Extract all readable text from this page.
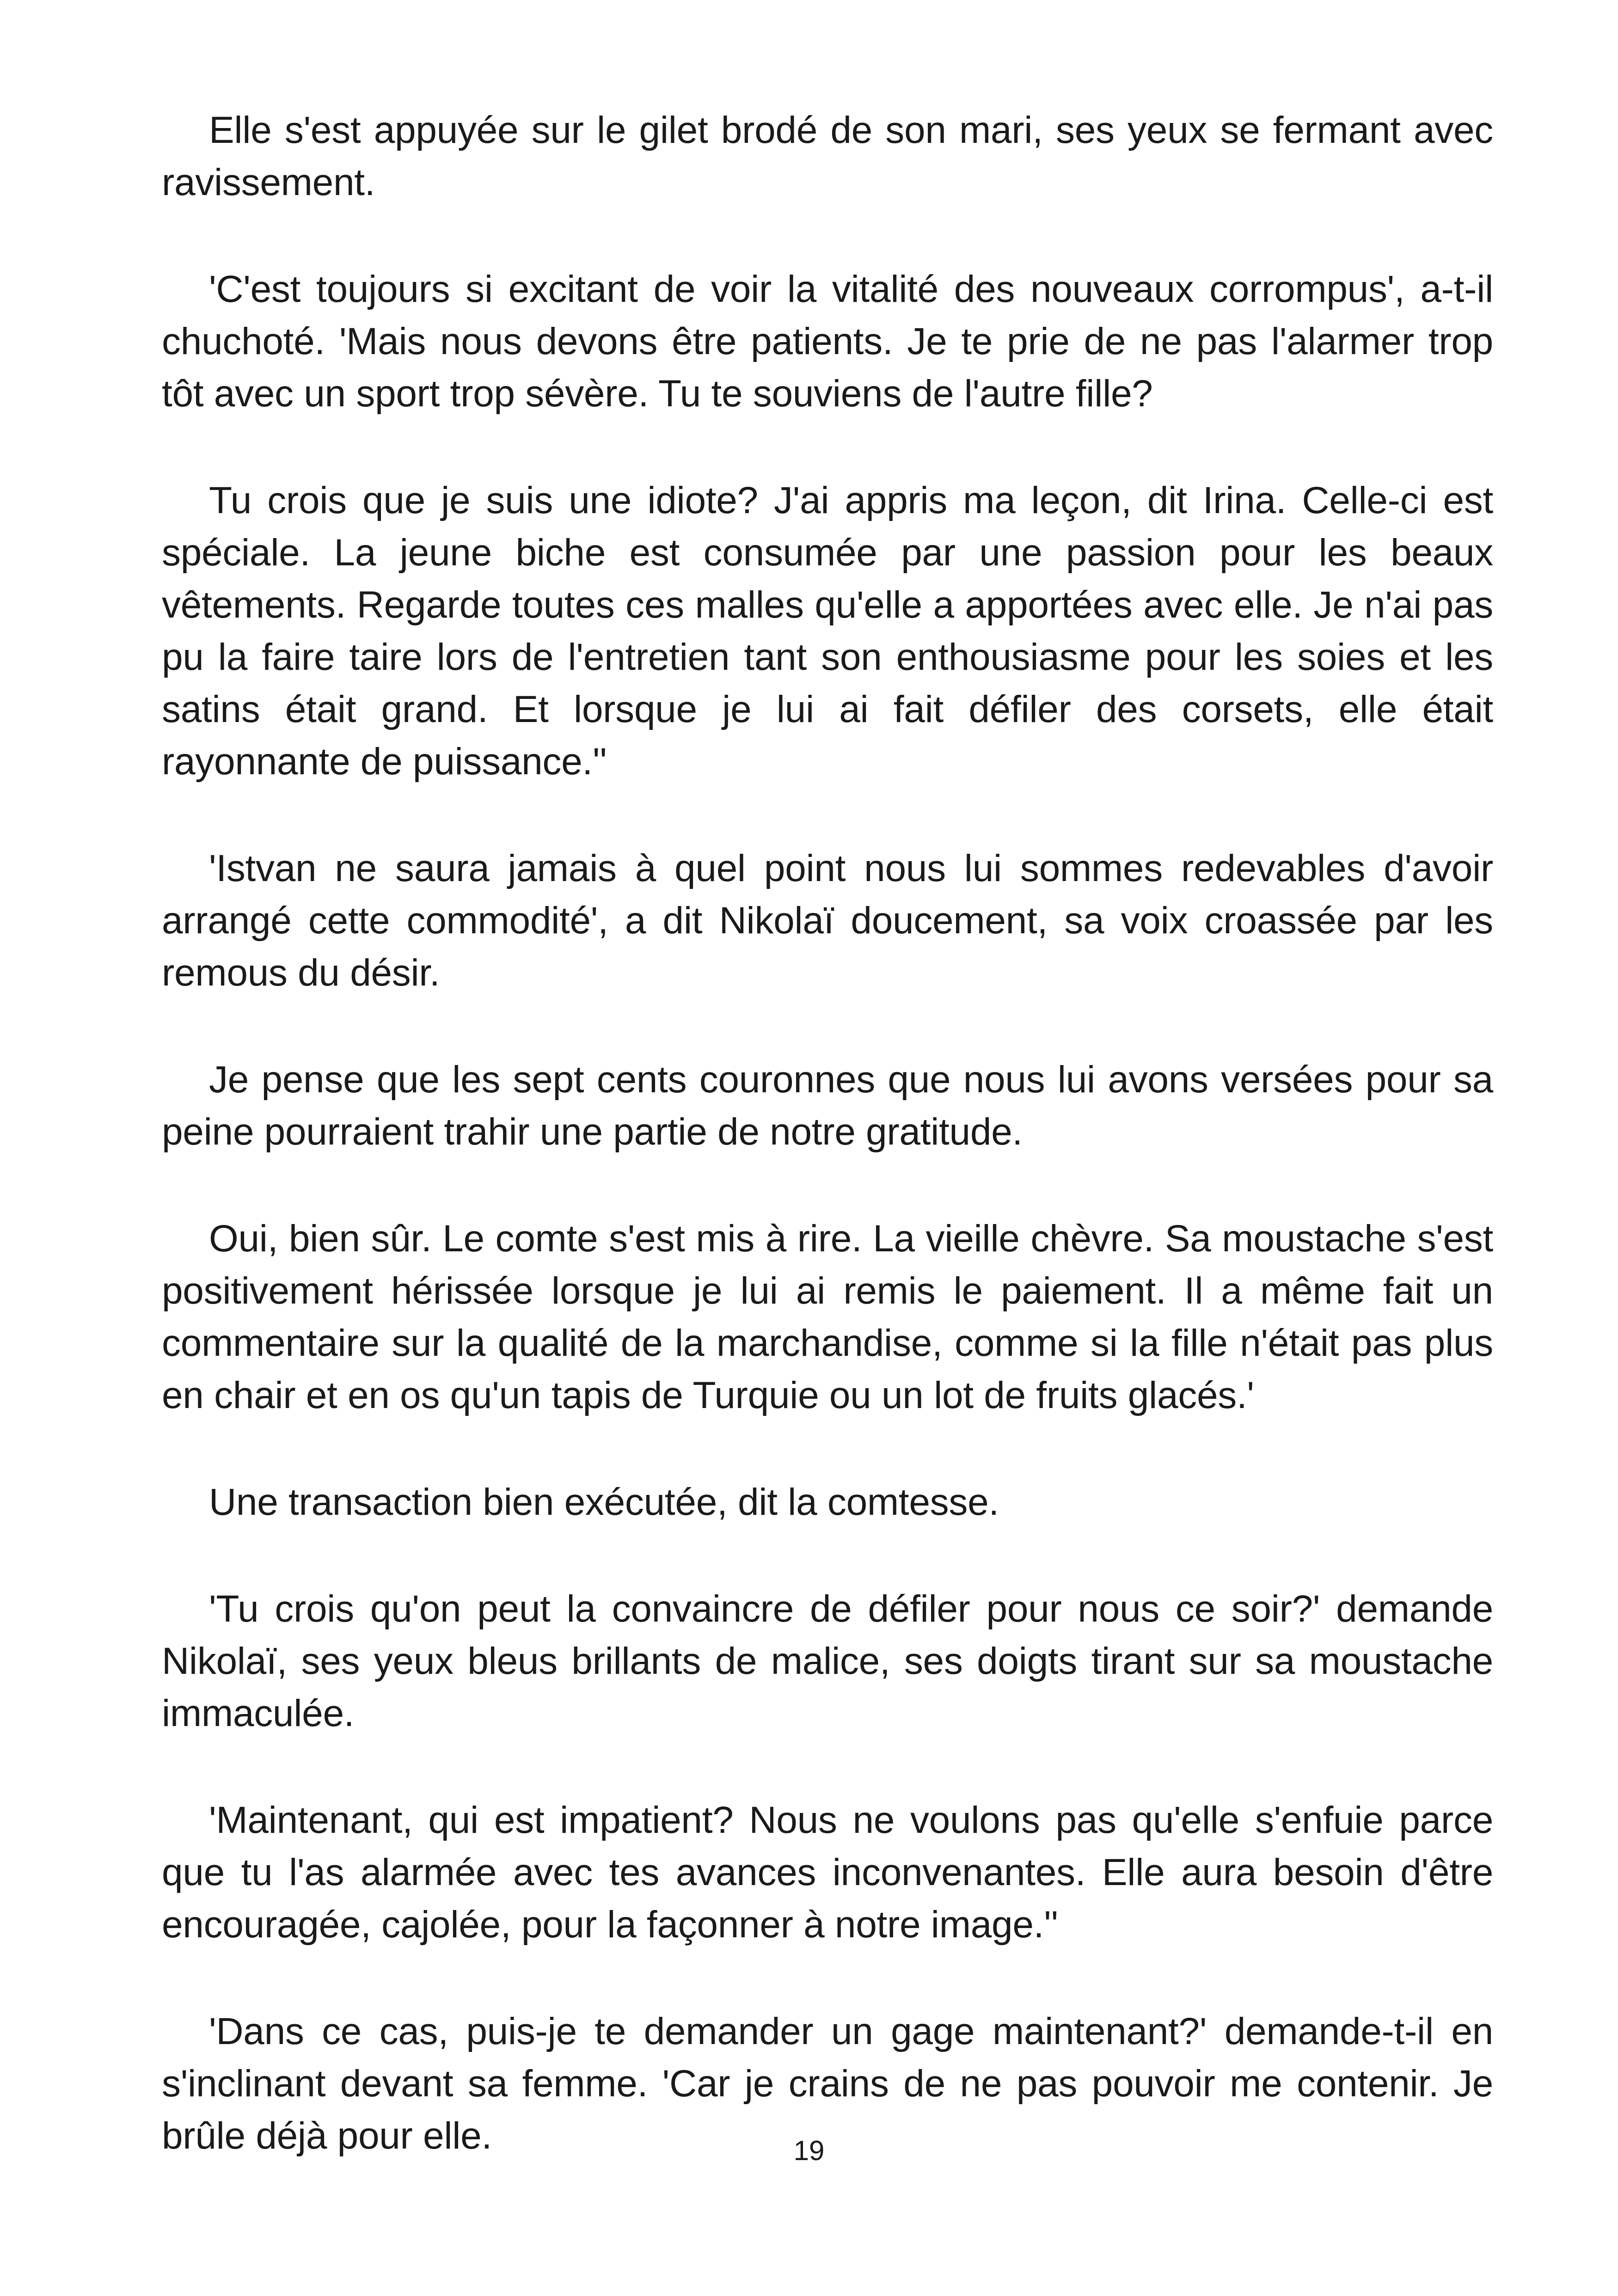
Elle s'est appuyée sur le gilet brodé de son mari, ses yeux se fermant avec ravissement.

'C'est toujours si excitant de voir la vitalité des nouveaux corrompus', a-t-il chuchoté. 'Mais nous devons être patients. Je te prie de ne pas l'alarmer trop tôt avec un sport trop sévère. Tu te souviens de l'autre fille?

Tu crois que je suis une idiote? J'ai appris ma leçon, dit Irina. Celle-ci est spéciale. La jeune biche est consumée par une passion pour les beaux vêtements. Regarde toutes ces malles qu'elle a apportées avec elle. Je n'ai pas pu la faire taire lors de l'entretien tant son enthousiasme pour les soies et les satins était grand. Et lorsque je lui ai fait défiler des corsets, elle était rayonnante de puissance.''

'Istvan ne saura jamais à quel point nous lui sommes redevables d'avoir arrangé cette commodité', a dit Nikolaï doucement, sa voix croassée par les remous du désir.

Je pense que les sept cents couronnes que nous lui avons versées pour sa peine pourraient trahir une partie de notre gratitude.

Oui, bien sûr. Le comte s'est mis à rire. La vieille chèvre. Sa moustache s'est positivement hérissée lorsque je lui ai remis le paiement. Il a même fait un commentaire sur la qualité de la marchandise, comme si la fille n'était pas plus en chair et en os qu'un tapis de Turquie ou un lot de fruits glacés.'

Une transaction bien exécutée, dit la comtesse.

'Tu crois qu'on peut la convaincre de défiler pour nous ce soir?' demande Nikolaï, ses yeux bleus brillants de malice, ses doigts tirant sur sa moustache immaculée.

'Maintenant, qui est impatient? Nous ne voulons pas qu'elle s'enfuie parce que tu l'as alarmée avec tes avances inconvenantes. Elle aura besoin d'être encouragée, cajolée, pour la façonner à notre image.''

'Dans ce cas, puis-je te demander un gage maintenant?' demande-t-il en s'inclinant devant sa femme. 'Car je crains de ne pas pouvoir me contenir. Je brûle déjà pour elle.	19
